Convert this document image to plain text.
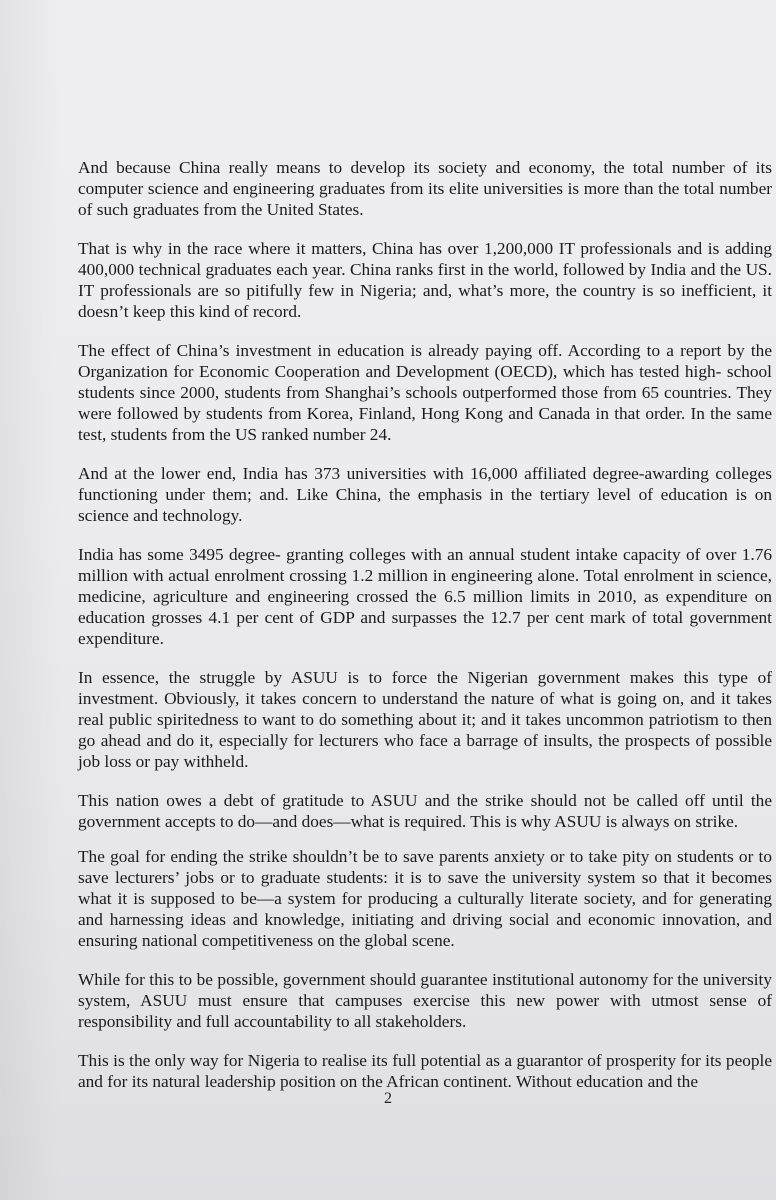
And because China really means to develop its society and economy, the total number of its computer science and engineering graduates from its elite universities is more than the total number of such graduates from the United States.

That is why in the race where it matters, China has over 1,200,000 IT professionals and is adding 400,000 technical graduates each year. China ranks first in the world, followed by India and the US. IT professionals are so pitifully few in Nigeria; and, what’s more, the country is so inefficient, it doesn’t keep this kind of record.

The effect of China’s investment in education is already paying off. According to a report by the Organization for Economic Cooperation and Development (OECD), which has tested high- school students since 2000, students from Shanghai’s schools outperformed those from 65 countries. They were followed by students from Korea, Finland, Hong Kong and Canada in that order. In the same test, students from the US ranked number 24.

And at the lower end, India has 373 universities with 16,000 affiliated degree-awarding colleges functioning under them; and. Like China, the emphasis in the tertiary level of education is on science and technology.

India has some 3495 degree- granting colleges with an annual student intake capacity of over 1.76 million with actual enrolment crossing 1.2 million in engineering alone. Total enrolment in science, medicine, agriculture and engineering crossed the 6.5 million limits in 2010, as expenditure on education grosses 4.1 per cent of GDP and surpasses the 12.7 per cent mark of total government expenditure.

In essence, the struggle by ASUU is to force the Nigerian government makes this type of investment. Obviously, it takes concern to understand the nature of what is going on, and it takes real public spiritedness to want to do something about it; and it takes uncommon patriotism to then go ahead and do it, especially for lecturers who face a barrage of insults, the prospects of possible job loss or pay withheld.

This nation owes a debt of gratitude to ASUU and the strike should not be called off until the government accepts to do—and does—what is required. This is why ASUU is always on strike.

The goal for ending the strike shouldn’t be to save parents anxiety or to take pity on students or to save lecturers’ jobs or to graduate students: it is to save the university system so that it becomes what it is supposed to be—a system for producing a culturally literate society, and for generating and harnessing ideas and knowledge, initiating and driving social and economic innovation, and ensuring national competitiveness on the global scene.

While for this to be possible, government should guarantee institutional autonomy for the university system, ASUU must ensure that campuses exercise this new power with utmost sense of responsibility and full accountability to all stakeholders.

This is the only way for Nigeria to realise its full potential as a guarantor of prosperity for its people and for its natural leadership position on the African continent. Without education and the

2
